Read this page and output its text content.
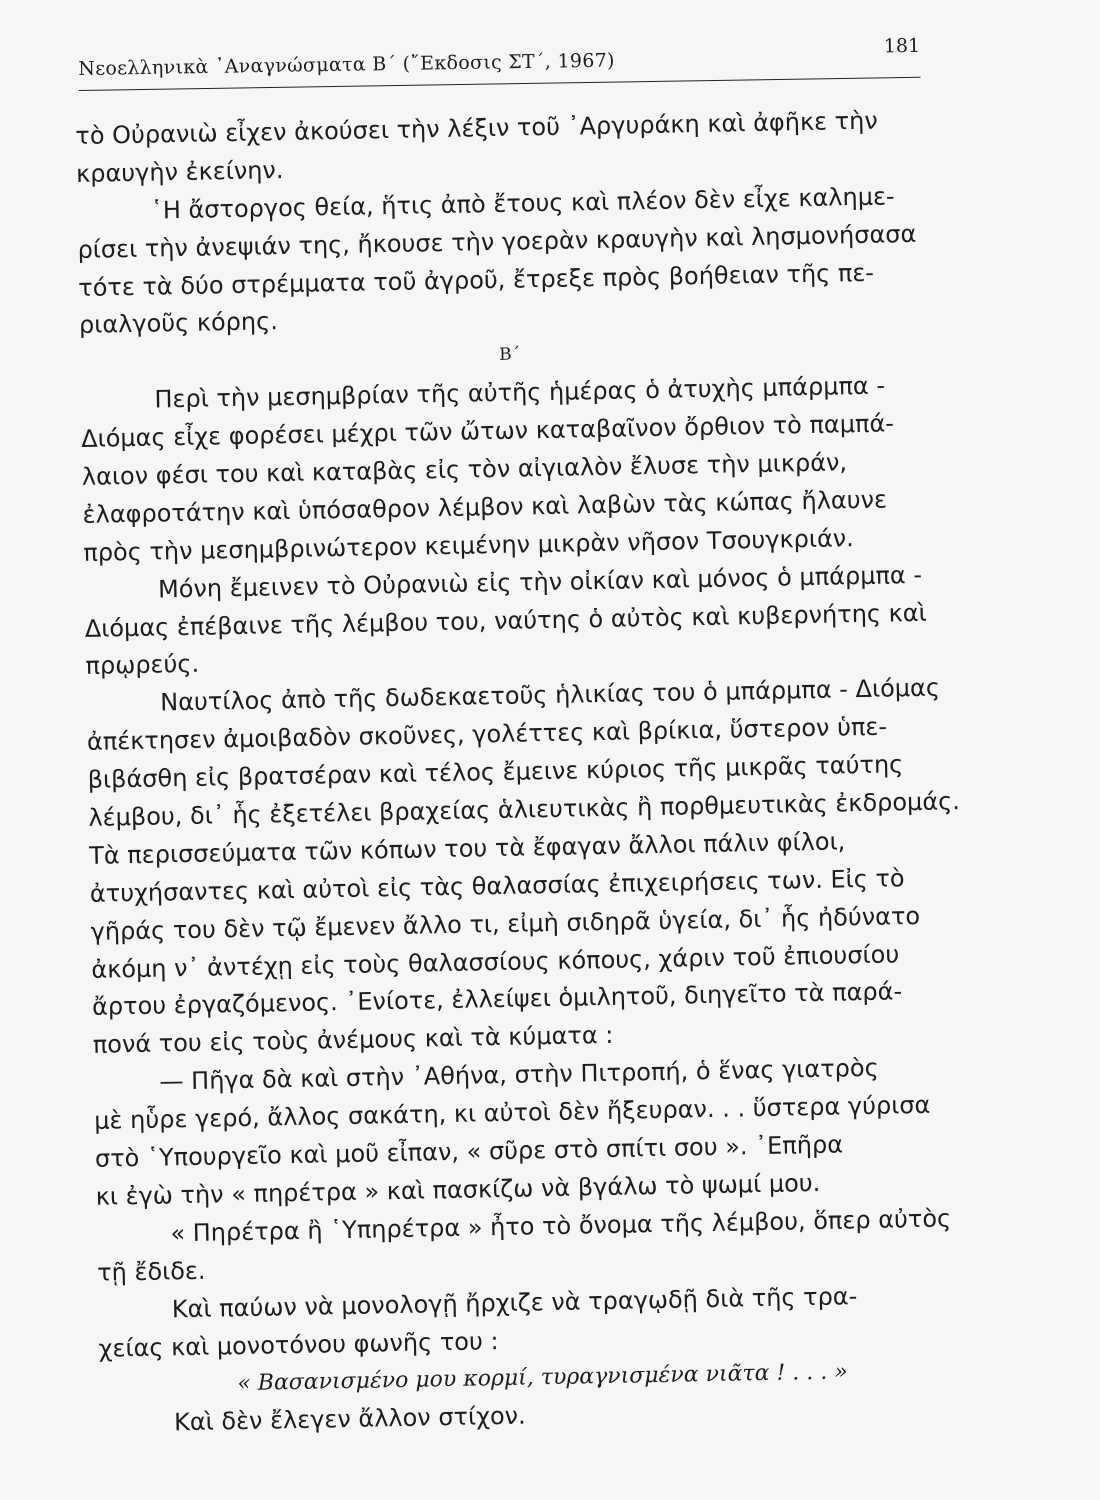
Νεοελληνικὰ ᾿Αναγνώσματα Β΄ (῎Εκδοσις ΣΤ΄, 1967)
181
τὸ Οὐρανιὼ εἶχεν ἀκούσει τὴν λέξιν τοῦ ᾿Αργυράκη καὶ ἀφῆκε τὴν
κραυγὴν ἐκείνην.
῾Η ἄστοργος θεία, ἥτις ἀπὸ ἔτους καὶ πλέον δὲν εἶχε καλημε-
ρίσει τὴν ἀνεψιάν της, ἤκουσε τὴν γοερὰν κραυγὴν καὶ λησμονήσασα
τότε τὰ δύο στρέμματα τοῦ ἀγροῦ, ἔτρεξε πρὸς βοήθειαν τῆς πε-
ριαλγοῦς κόρης.
Β΄
Περὶ τὴν μεσημβρίαν τῆς αὐτῆς ἡμέρας ὁ ἀτυχὴς μπάρμπα -
Διόμας εἶχε φορέσει μέχρι τῶν ὤτων καταβαῖνον ὄρθιον τὸ παμπά-
λαιον φέσι του καὶ καταβὰς εἰς τὸν αἰγιαλὸν ἔλυσε τὴν μικράν,
ἐλαφροτάτην καὶ ὑπόσαθρον λέμβον καὶ λαβὼν τὰς κώπας ἤλαυνε
πρὸς τὴν μεσημβρινώτερον κειμένην μικρὰν νῆσον Τσουγκριάν.
Μόνη ἔμεινεν τὸ Οὐρανιὼ εἰς τὴν οἰκίαν καὶ μόνος ὁ μπάρμπα -
Διόμας ἐπέβαινε τῆς λέμβου του, ναύτης ὁ αὐτὸς καὶ κυβερνήτης καὶ
πρῳρεύς.
Ναυτίλος ἀπὸ τῆς δωδεκαετοῦς ἡλικίας του ὁ μπάρμπα - Διόμας
ἀπέκτησεν ἀμοιβαδὸν σκοῦνες, γολέττες καὶ βρίκια, ὕστερον ὑπε-
βιβάσθη εἰς βρατσέραν καὶ τέλος ἔμεινε κύριος τῆς μικρᾶς ταύτης
λέμβου, δι᾿ ἧς ἐξετέλει βραχείας ἁλιευτικὰς ἢ πορθμευτικὰς ἐκδρομάς.
Τὰ περισσεύματα τῶν κόπων του τὰ ἔφαγαν ἄλλοι πάλιν φίλοι,
ἀτυχήσαντες καὶ αὐτοὶ εἰς τὰς θαλασσίας ἐπιχειρήσεις των. Εἰς τὸ
γῆράς του δὲν τῷ ἔμενεν ἄλλο τι, εἰμὴ σιδηρᾶ ὑγεία, δι᾿ ἧς ἠδύνατο
ἀκόμη ν᾿ ἀντέχῃ εἰς τοὺς θαλασσίους κόπους, χάριν τοῦ ἐπιουσίου
ἄρτου ἐργαζόμενος. ᾿Ενίοτε, ἐλλείψει ὁμιλητοῦ, διηγεῖτο τὰ παρά-
πονά του εἰς τοὺς ἀνέμους καὶ τὰ κύματα :
— Πῆγα δὰ καὶ στὴν ᾿Αθήνα, στὴν Πιτροπή, ὁ ἕνας γιατρὸς
μὲ ηὗρε γερό, ἄλλος σακάτη, κι αὐτοὶ δὲν ἤξευραν. . . ὕστερα γύρισα
στὸ ῾Υπουργεῖο καὶ μοῦ εἶπαν, « σῦρε στὸ σπίτι σου ». ᾿Επῆρα
κι ἐγὼ τὴν « πηρέτρα » καὶ πασκίζω νὰ βγάλω τὸ ψωμί μου.
« Πηρέτρα ἢ ῾Υπηρέτρα » ἦτο τὸ ὄνομα τῆς λέμβου, ὅπερ αὐτὸς
τῇ ἔδιδε.
Καὶ παύων νὰ μονολογῇ ἤρχιζε νὰ τραγῳδῇ διὰ τῆς τρα-
χείας καὶ μονοτόνου φωνῆς του :
« Βασανισμένο μου κορμί, τυραγνισμένα νιᾶτα ! . . . »
Καὶ δὲν ἔλεγεν ἄλλον στίχον.
